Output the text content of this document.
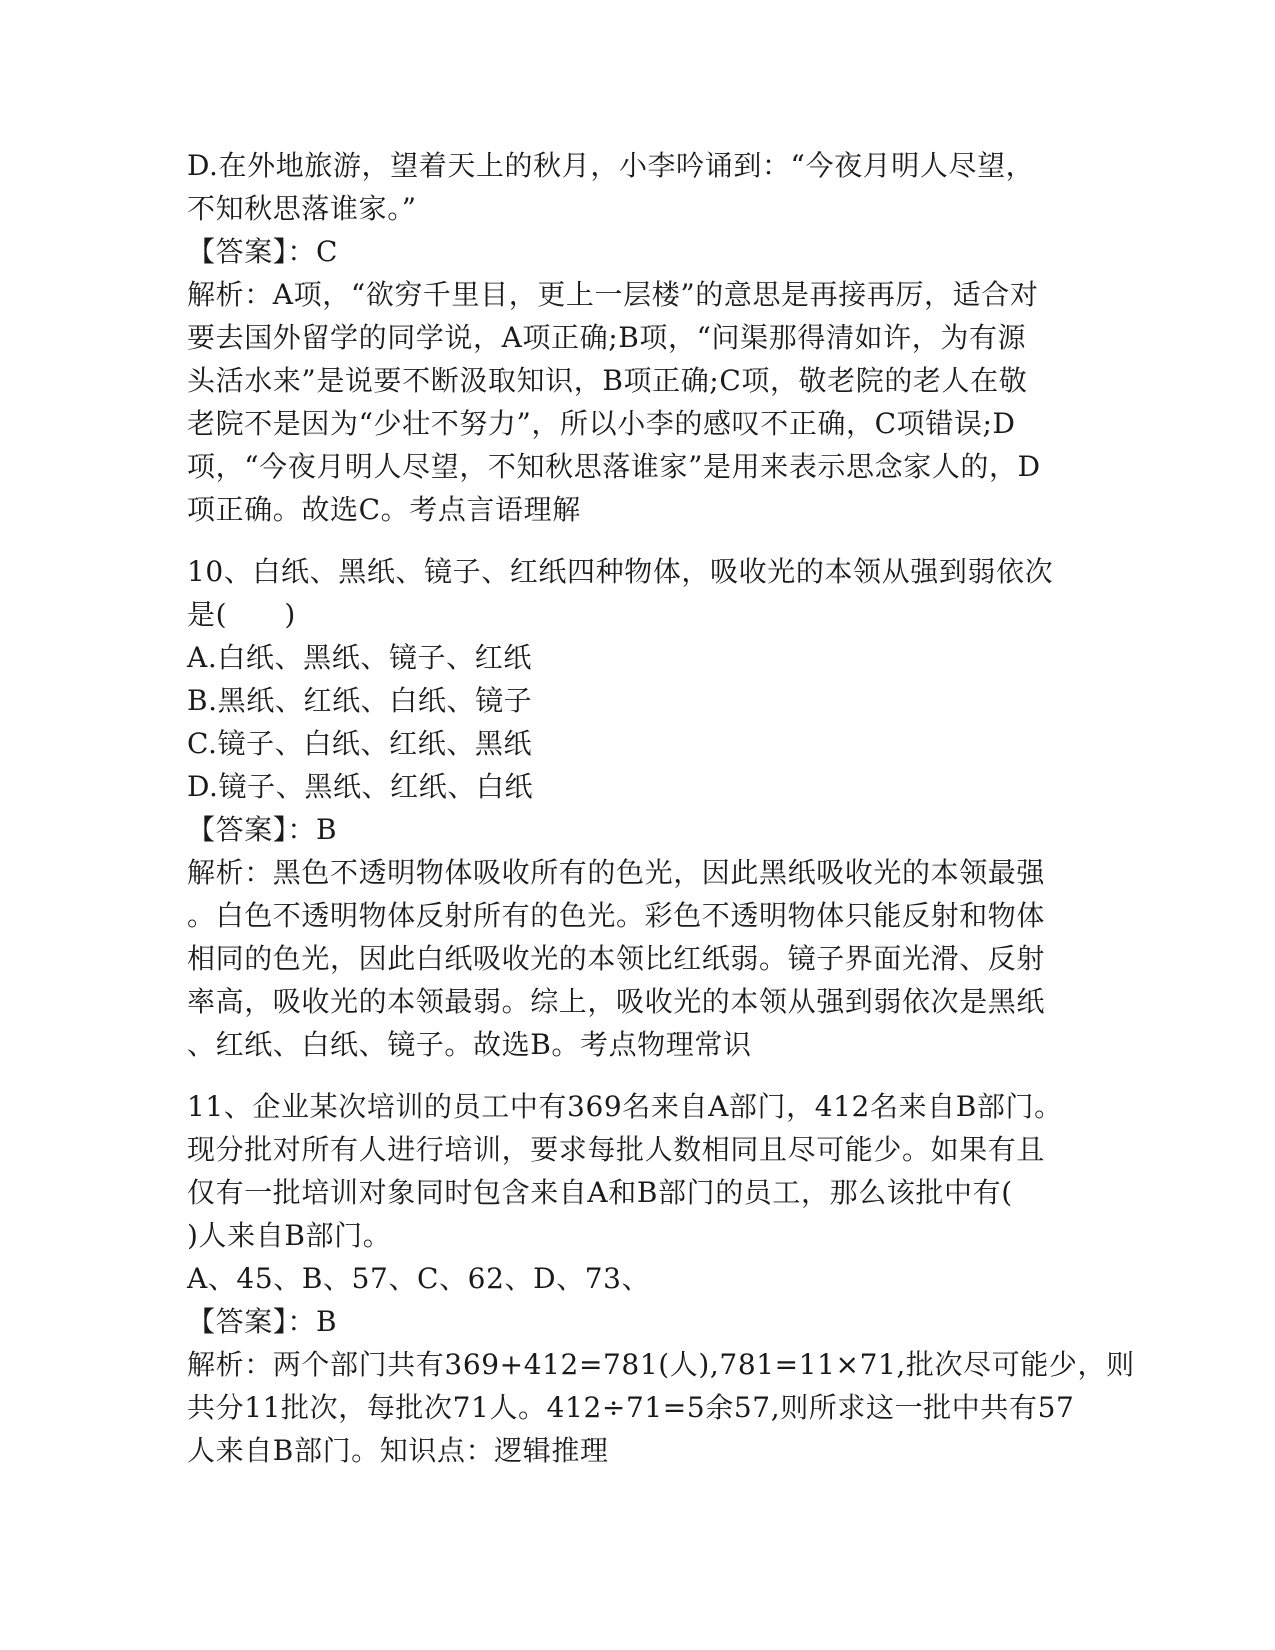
D.在外地旅游，望着天上的秋月，小李吟诵到：“今夜月明人尽望，
不知秋思落谁家。”
【答案】：C
解析：A项，“欲穷千里目，更上一层楼”的意思是再接再厉，适合对
要去国外留学的同学说，A项正确;B项，“问渠那得清如许，为有源
头活水来”是说要不断汲取知识，B项正确;C项，敬老院的老人在敬
老院不是因为“少壮不努力”，所以小李的感叹不正确，C项错误;D
项，“今夜月明人尽望，不知秋思落谁家”是用来表示思念家人的，D
项正确。故选C。考点言语理解
10、白纸、黑纸、镜子、红纸四种物体，吸收光的本领从强到弱依次
是(　　)
A.白纸、黑纸、镜子、红纸
B.黑纸、红纸、白纸、镜子
C.镜子、白纸、红纸、黑纸
D.镜子、黑纸、红纸、白纸
【答案】：B
解析：黑色不透明物体吸收所有的色光，因此黑纸吸收光的本领最强
。白色不透明物体反射所有的色光。彩色不透明物体只能反射和物体
相同的色光，因此白纸吸收光的本领比红纸弱。镜子界面光滑、反射
率高，吸收光的本领最弱。综上，吸收光的本领从强到弱依次是黑纸
、红纸、白纸、镜子。故选B。考点物理常识
11、企业某次培训的员工中有369名来自A部门，412名来自B部门。
现分批对所有人进行培训，要求每批人数相同且尽可能少。如果有且
仅有一批培训对象同时包含来自A和B部门的员工，那么该批中有(
)人来自B部门。
A、45、B、57、C、62、D、73、
【答案】：B
解析：两个部门共有369+412=781(人),781=11×71,批次尽可能少，则
共分11批次，每批次71人。412÷71=5余57,则所求这一批中共有57
人来自B部门。知识点：逻辑推理
